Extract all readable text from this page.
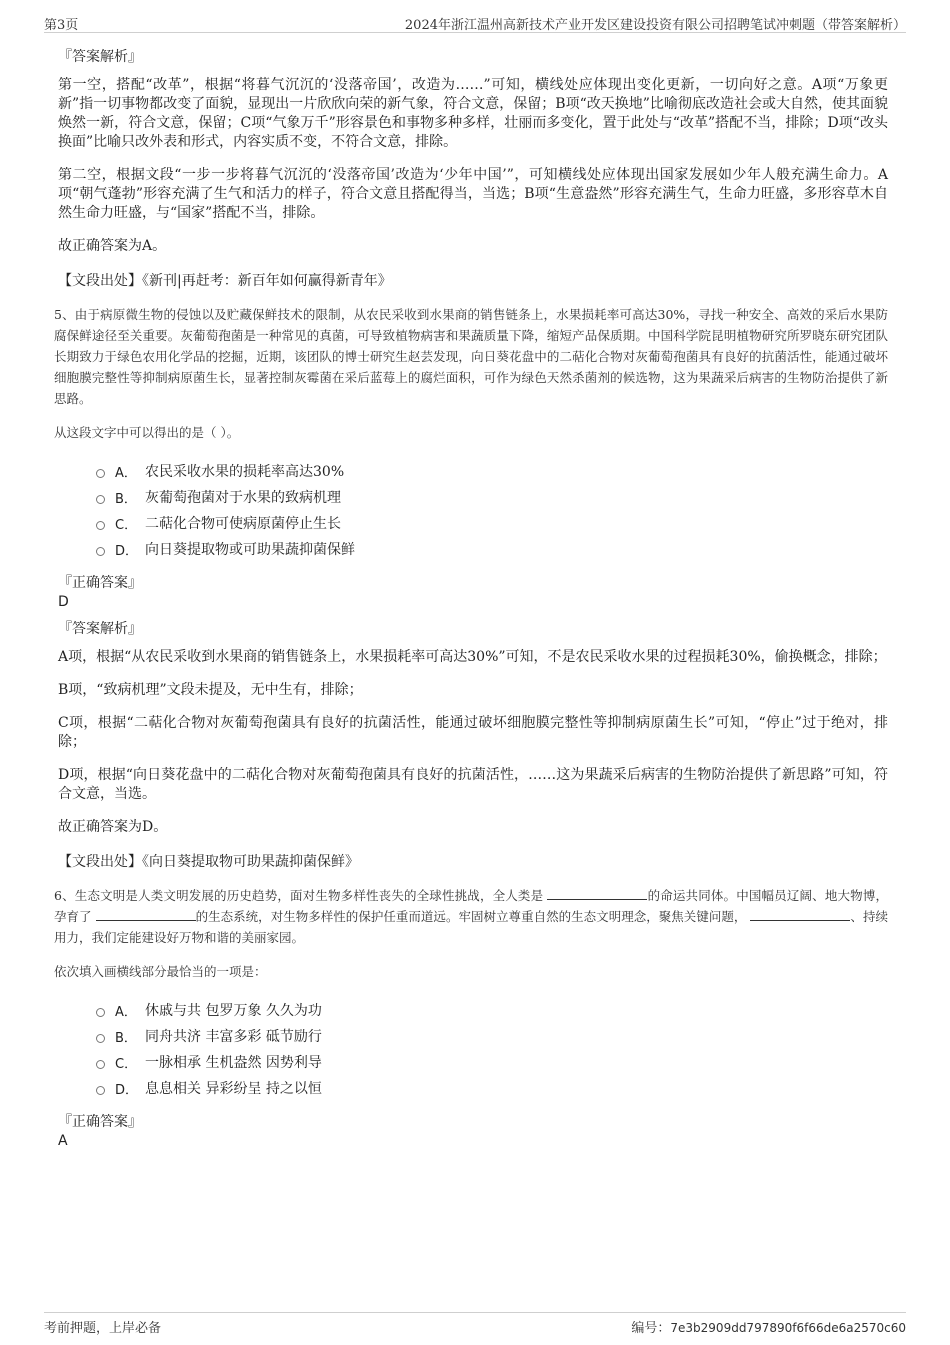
第3页	2024年浙江温州高新技术产业开发区建设投资有限公司招聘笔试冲刺题（带答案解析）
『答案解析』

第一空，搭配“改革”，根据“将暮气沉沉的‘没落帝国’，改造为……”可知，横线处应体现出变化更新，一切向好之意。A项“万象更新”指一切事物都改变了面貌，显现出一片欣欣向荣的新气象，符合文意，保留；B项“改天换地”比喻彻底改造社会或大自然，使其面貌焕然一新，符合文意，保留；C项“气象万千”形容景色和事物多种多样，壮丽而多变化，置于此处与“改革”搭配不当，排除；D项“改头换面”比喻只改外表和形式，内容实质不变，不符合文意，排除。

第二空，根据文段“一步一步将暮气沉沉的‘没落帝国’改造为‘少年中国’”，可知横线处应体现出国家发展如少年人般充满生命力。A项“朝气蓬勃”形容充满了生气和活力的样子，符合文意且搭配得当，当选；B项“生意盎然”形容充满生气，生命力旺盛，多形容草木自然生命力旺盛，与“国家”搭配不当，排除。

故正确答案为A。

【文段出处】《新刊|再赶考：新百年如何赢得新青年》

5、由于病原微生物的侵蚀以及贮藏保鲜技术的限制，从农民采收到水果商的销售链条上，水果损耗率可高达30%，寻找一种安全、高效的采后水果防腐保鲜途径至关重要。灰葡萄孢菌是一种常见的真菌，可导致植物病害和果蔬质量下降，缩短产品保质期。中国科学院昆明植物研究所罗晓东研究团队长期致力于绿色农用化学品的挖掘，近期，该团队的博士研究生赵芸发现，向日葵花盘中的二萜化合物对灰葡萄孢菌具有良好的抗菌活性，能通过破坏细胞膜完整性等抑制病原菌生长，显著控制灰霉菌在采后蓝莓上的腐烂面积，可作为绿色天然杀菌剂的候选物，这为果蔬采后病害的生物防治提供了新思路。

从这段文字中可以得出的是（ ）。

A． 农民采收水果的损耗率高达30%
B． 灰葡萄孢菌对于水果的致病机理
C． 二萜化合物可使病原菌停止生长
D． 向日葵提取物或可助果蔬抑菌保鲜
『正确答案』
D
『答案解析』

A项，根据“从农民采收到水果商的销售链条上，水果损耗率可高达30%”可知，不是农民采收水果的过程损耗30%，偷换概念，排除；

B项，“致病机理”文段未提及，无中生有，排除；

C项，根据“二萜化合物对灰葡萄孢菌具有良好的抗菌活性，能通过破坏细胞膜完整性等抑制病原菌生长”可知，“停止”过于绝对，排除；

D项，根据“向日葵花盘中的二萜化合物对灰葡萄孢菌具有良好的抗菌活性，……这为果蔬采后病害的生物防治提供了新思路”可知，符合文意，当选。

故正确答案为D。

【文段出处】《向日葵提取物可助果蔬抑菌保鲜》

6、生态文明是人类文明发展的历史趋势，面对生物多样性丧失的全球性挑战，全人类是	的命运共同体。中国幅员辽阔、地大物博，孕育了	的生态系统，对生物多样性的保护任重而道远。牢固树立尊重自然的生态文明理念，聚焦关键问题，	、持续用力，我们定能建设好万物和谐的美丽家园。

依次填入画横线部分最恰当的一项是：

A． 休戚与共 包罗万象 久久为功
B． 同舟共济 丰富多彩 砥节励行
C． 一脉相承 生机盎然 因势利导
D． 息息相关 异彩纷呈 持之以恒
『正确答案』
A
考前押题，上岸必备	编号：7e3b2909dd797890f6f66de6a2570c60
